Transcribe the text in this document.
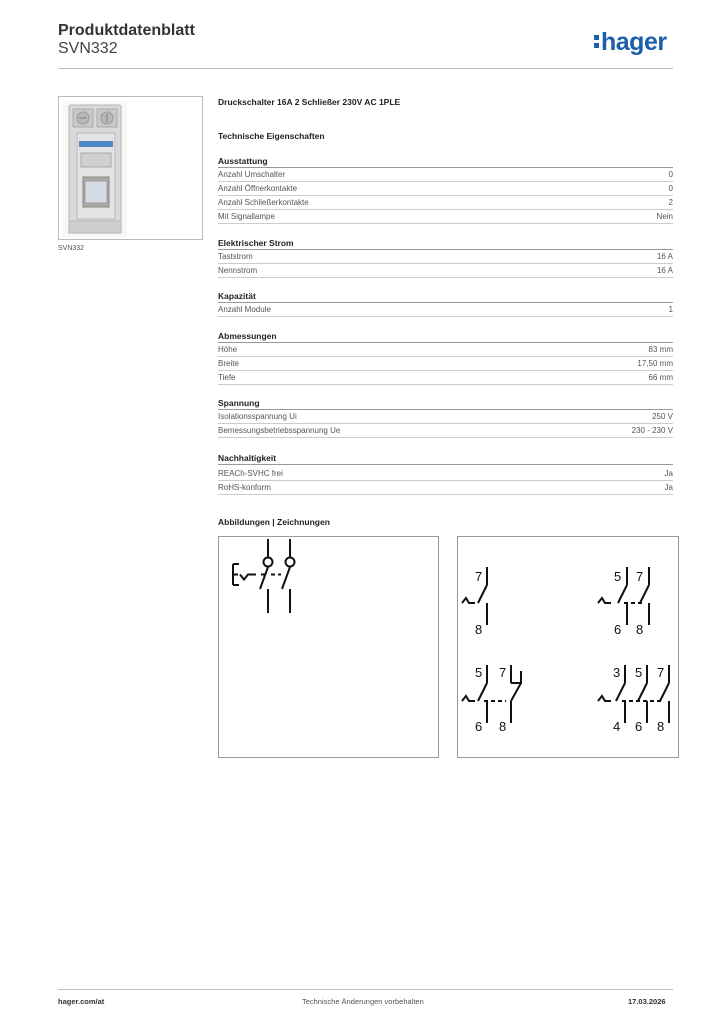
Produktdatenblatt
SVN332	hager
SVN332
Druckschalter 16A 2 Schließer 230V AC 1PLE
Technische Eigenschaften
Ausstattung
Anzahl Umschalter	0
Anzahl Öffnerkontakte	0
Anzahl Schließerkontakte	2
Mit Signallampe	Nein
Elektrischer Strom
Taststrom	16 A
Nennstrom	16 A
Kapazität
Anzahl Module	1
Abmessungen
Höhe	83 mm
Breite	17,50 mm
Tiefe	66 mm
Spannung
Isolationsspannung Ui	250 V
Bemessungsbetriebsspannung Ue	230 - 230 V
Nachhaltigkeit
REACh-SVHC frei	Ja
RoHS-konform	Ja
Abbildungen | Zeichnungen
7
8
5 7
6 8
5 7
6 8
3 5 7
4 6 8
hager.com/at	Technische Änderungen vorbehalten	17.03.2026
